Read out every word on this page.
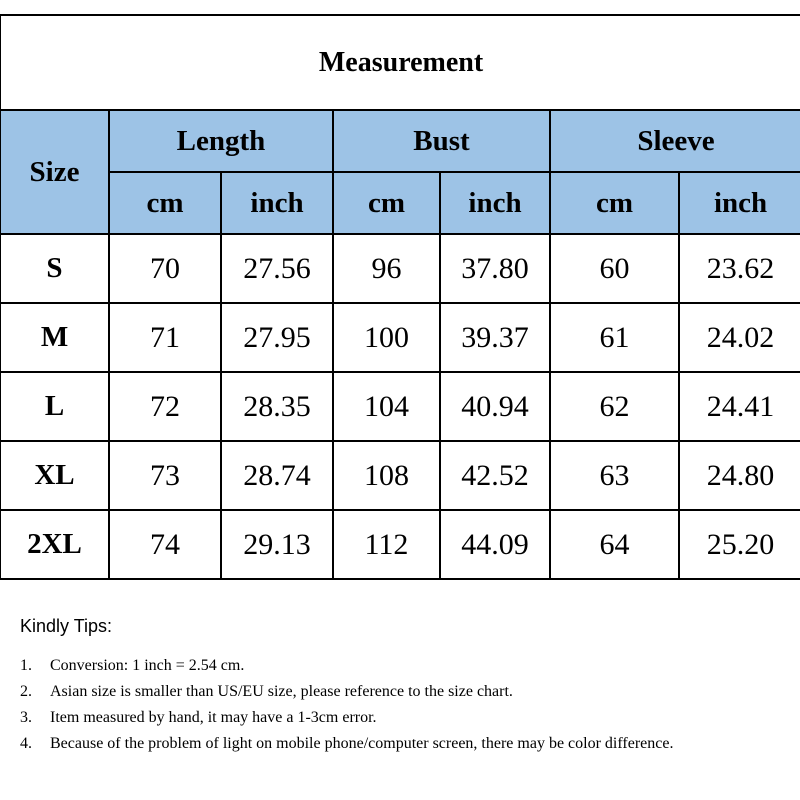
Measurement						
Size	Length		Bust		Sleeve	
	cm	inch	cm	inch	cm	inch
S	70	27.56	96	37.80	60	23.62
M	71	27.95	100	39.37	61	24.02
L	72	28.35	104	40.94	62	24.41
XL	73	28.74	108	42.52	63	24.80
2XL	74	29.13	112	44.09	64	25.20

Kindly Tips:

1.	Conversion: 1 inch = 2.54 cm.
2.	Asian size is smaller than US/EU size, please reference to the size chart.
3.	Item measured by hand, it may have a 1-3cm error.
4.	Because of the problem of light on mobile phone/computer screen, there may be color difference.
